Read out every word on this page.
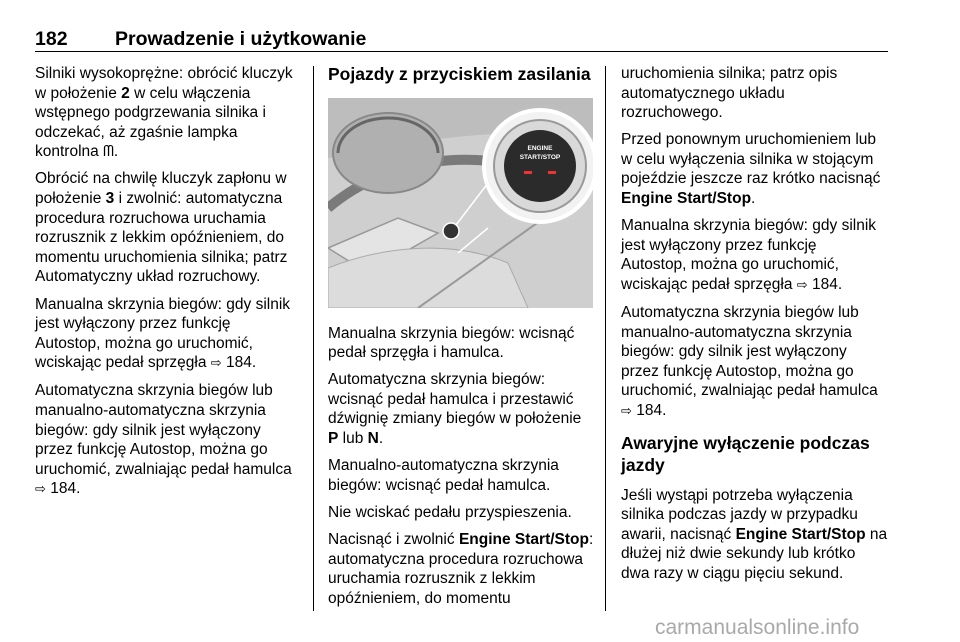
182 Prowadzenie i użytkowanie

Silniki wysokoprężne: obrócić kluczyk
w położenie 2 w celu włączenia
wstępnego podgrzewania silnika i
odczekać, aż zgaśnie lampka
kontrolna ᗰ.

Obrócić na chwilę kluczyk zapłonu w
położenie 3 i zwolnić: automatyczna
procedura rozruchowa uruchamia
rozrusznik z lekkim opóźnieniem, do
momentu uruchomienia silnika; patrz
Automatyczny układ rozruchowy.

Manualna skrzynia biegów: gdy silnik
jest wyłączony przez funkcję
Autostop, można go uruchomić,
wciskając pedał sprzęgła ⇨ 184.

Automatyczna skrzynia biegów lub
manualno-automatyczna skrzynia
biegów: gdy silnik jest wyłączony
przez funkcję Autostop, można go
uruchomić, zwalniając pedał hamulca
⇨ 184.

Pojazdy z przyciskiem zasilania
ENGINE
START/STOP

Manualna skrzynia biegów: wcisnąć
pedał sprzęgła i hamulca.

Automatyczna skrzynia biegów:
wcisnąć pedał hamulca i przestawić
dźwignię zmiany biegów w położenie
P lub N.

Manualno-automatyczna skrzynia
biegów: wcisnąć pedał hamulca.

Nie wciskać pedału przyspieszenia.

Nacisnąć i zwolnić Engine Start/Stop:
automatyczna procedura rozruchowa
uruchamia rozrusznik z lekkim
opóźnieniem, do momentu

uruchomienia silnika; patrz opis
automatycznego układu
rozruchowego.

Przed ponownym uruchomieniem lub
w celu wyłączenia silnika w stojącym
pojeździe jeszcze raz krótko nacisnąć
Engine Start/Stop.

Manualna skrzynia biegów: gdy silnik
jest wyłączony przez funkcję
Autostop, można go uruchomić,
wciskając pedał sprzęgła ⇨ 184.

Automatyczna skrzynia biegów lub
manualno-automatyczna skrzynia
biegów: gdy silnik jest wyłączony
przez funkcję Autostop, można go
uruchomić, zwalniając pedał hamulca
⇨ 184.

Awaryjne wyłączenie podczas
jazdy

Jeśli wystąpi potrzeba wyłączenia
silnika podczas jazdy w przypadku
awarii, nacisnąć Engine Start/Stop na
dłużej niż dwie sekundy lub krótko
dwa razy w ciągu pięciu sekund.

carmanualsonline.info
